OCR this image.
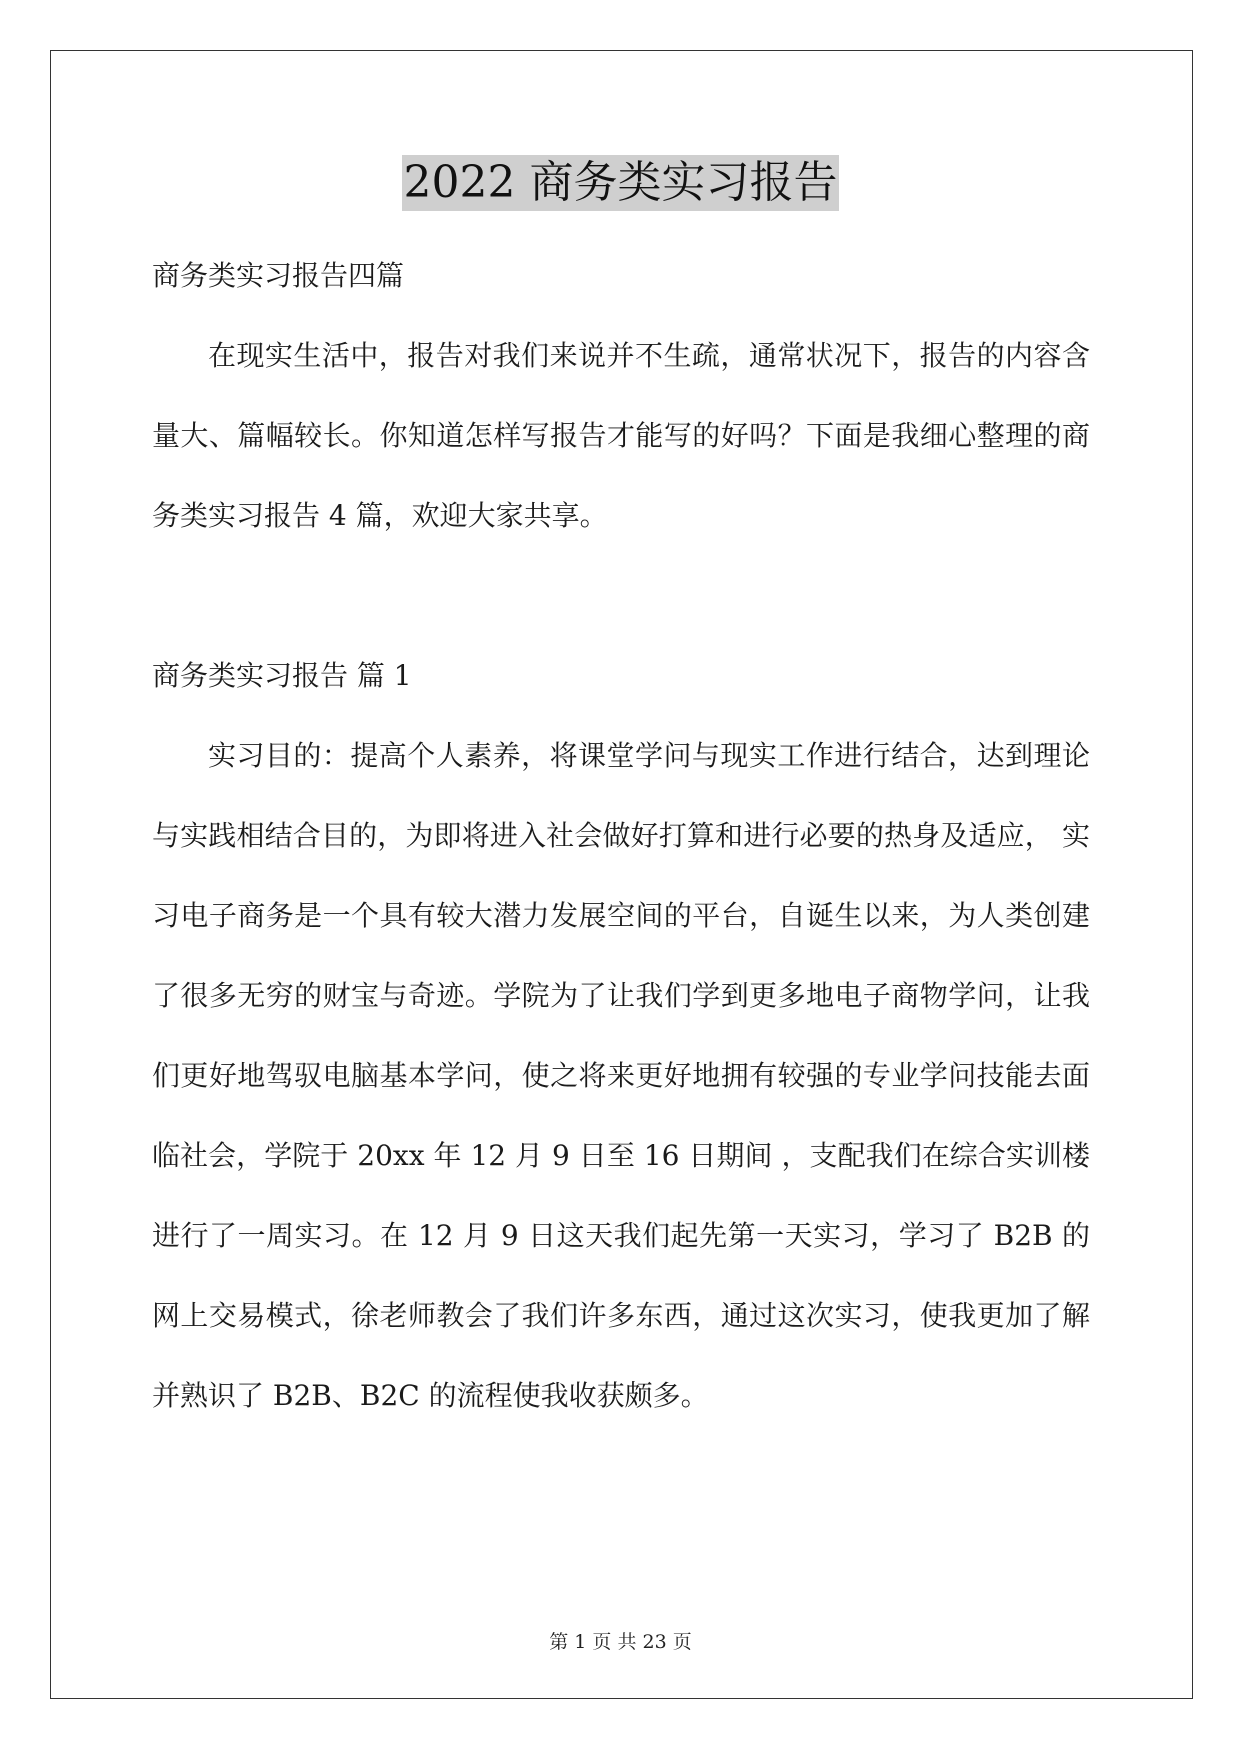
2022 商务类实习报告

商务类实习报告四篇

在现实生活中，报告对我们来说并不生疏，通常状况下，报告的内容含量大、篇幅较长。你知道怎样写报告才能写的好吗？下面是我细心整理的商务类实习报告 4 篇，欢迎大家共享。

商务类实习报告 篇 1

实习目的：提高个人素养，将课堂学问与现实工作进行结合，达到理论与实践相结合目的，为即将进入社会做好打算和进行必要的热身及适应， 实习电子商务是一个具有较大潜力发展空间的平台，自诞生以来，为人类创建了很多无穷的财宝与奇迹。学院为了让我们学到更多地电子商物学问，让我们更好地驾驭电脑基本学问，使之将来更好地拥有较强的专业学问技能去面临社会，学院于 20xx 年 12 月 9 日至 16 日期间 ，支配我们在综合实训楼进行了一周实习。在 12 月 9 日这天我们起先第一天实习，学习了 B2B 的网上交易模式，徐老师教会了我们许多东西，通过这次实习，使我更加了解并熟识了 B2B、B2C 的流程使我收获颇多。

第 1 页 共 23 页
